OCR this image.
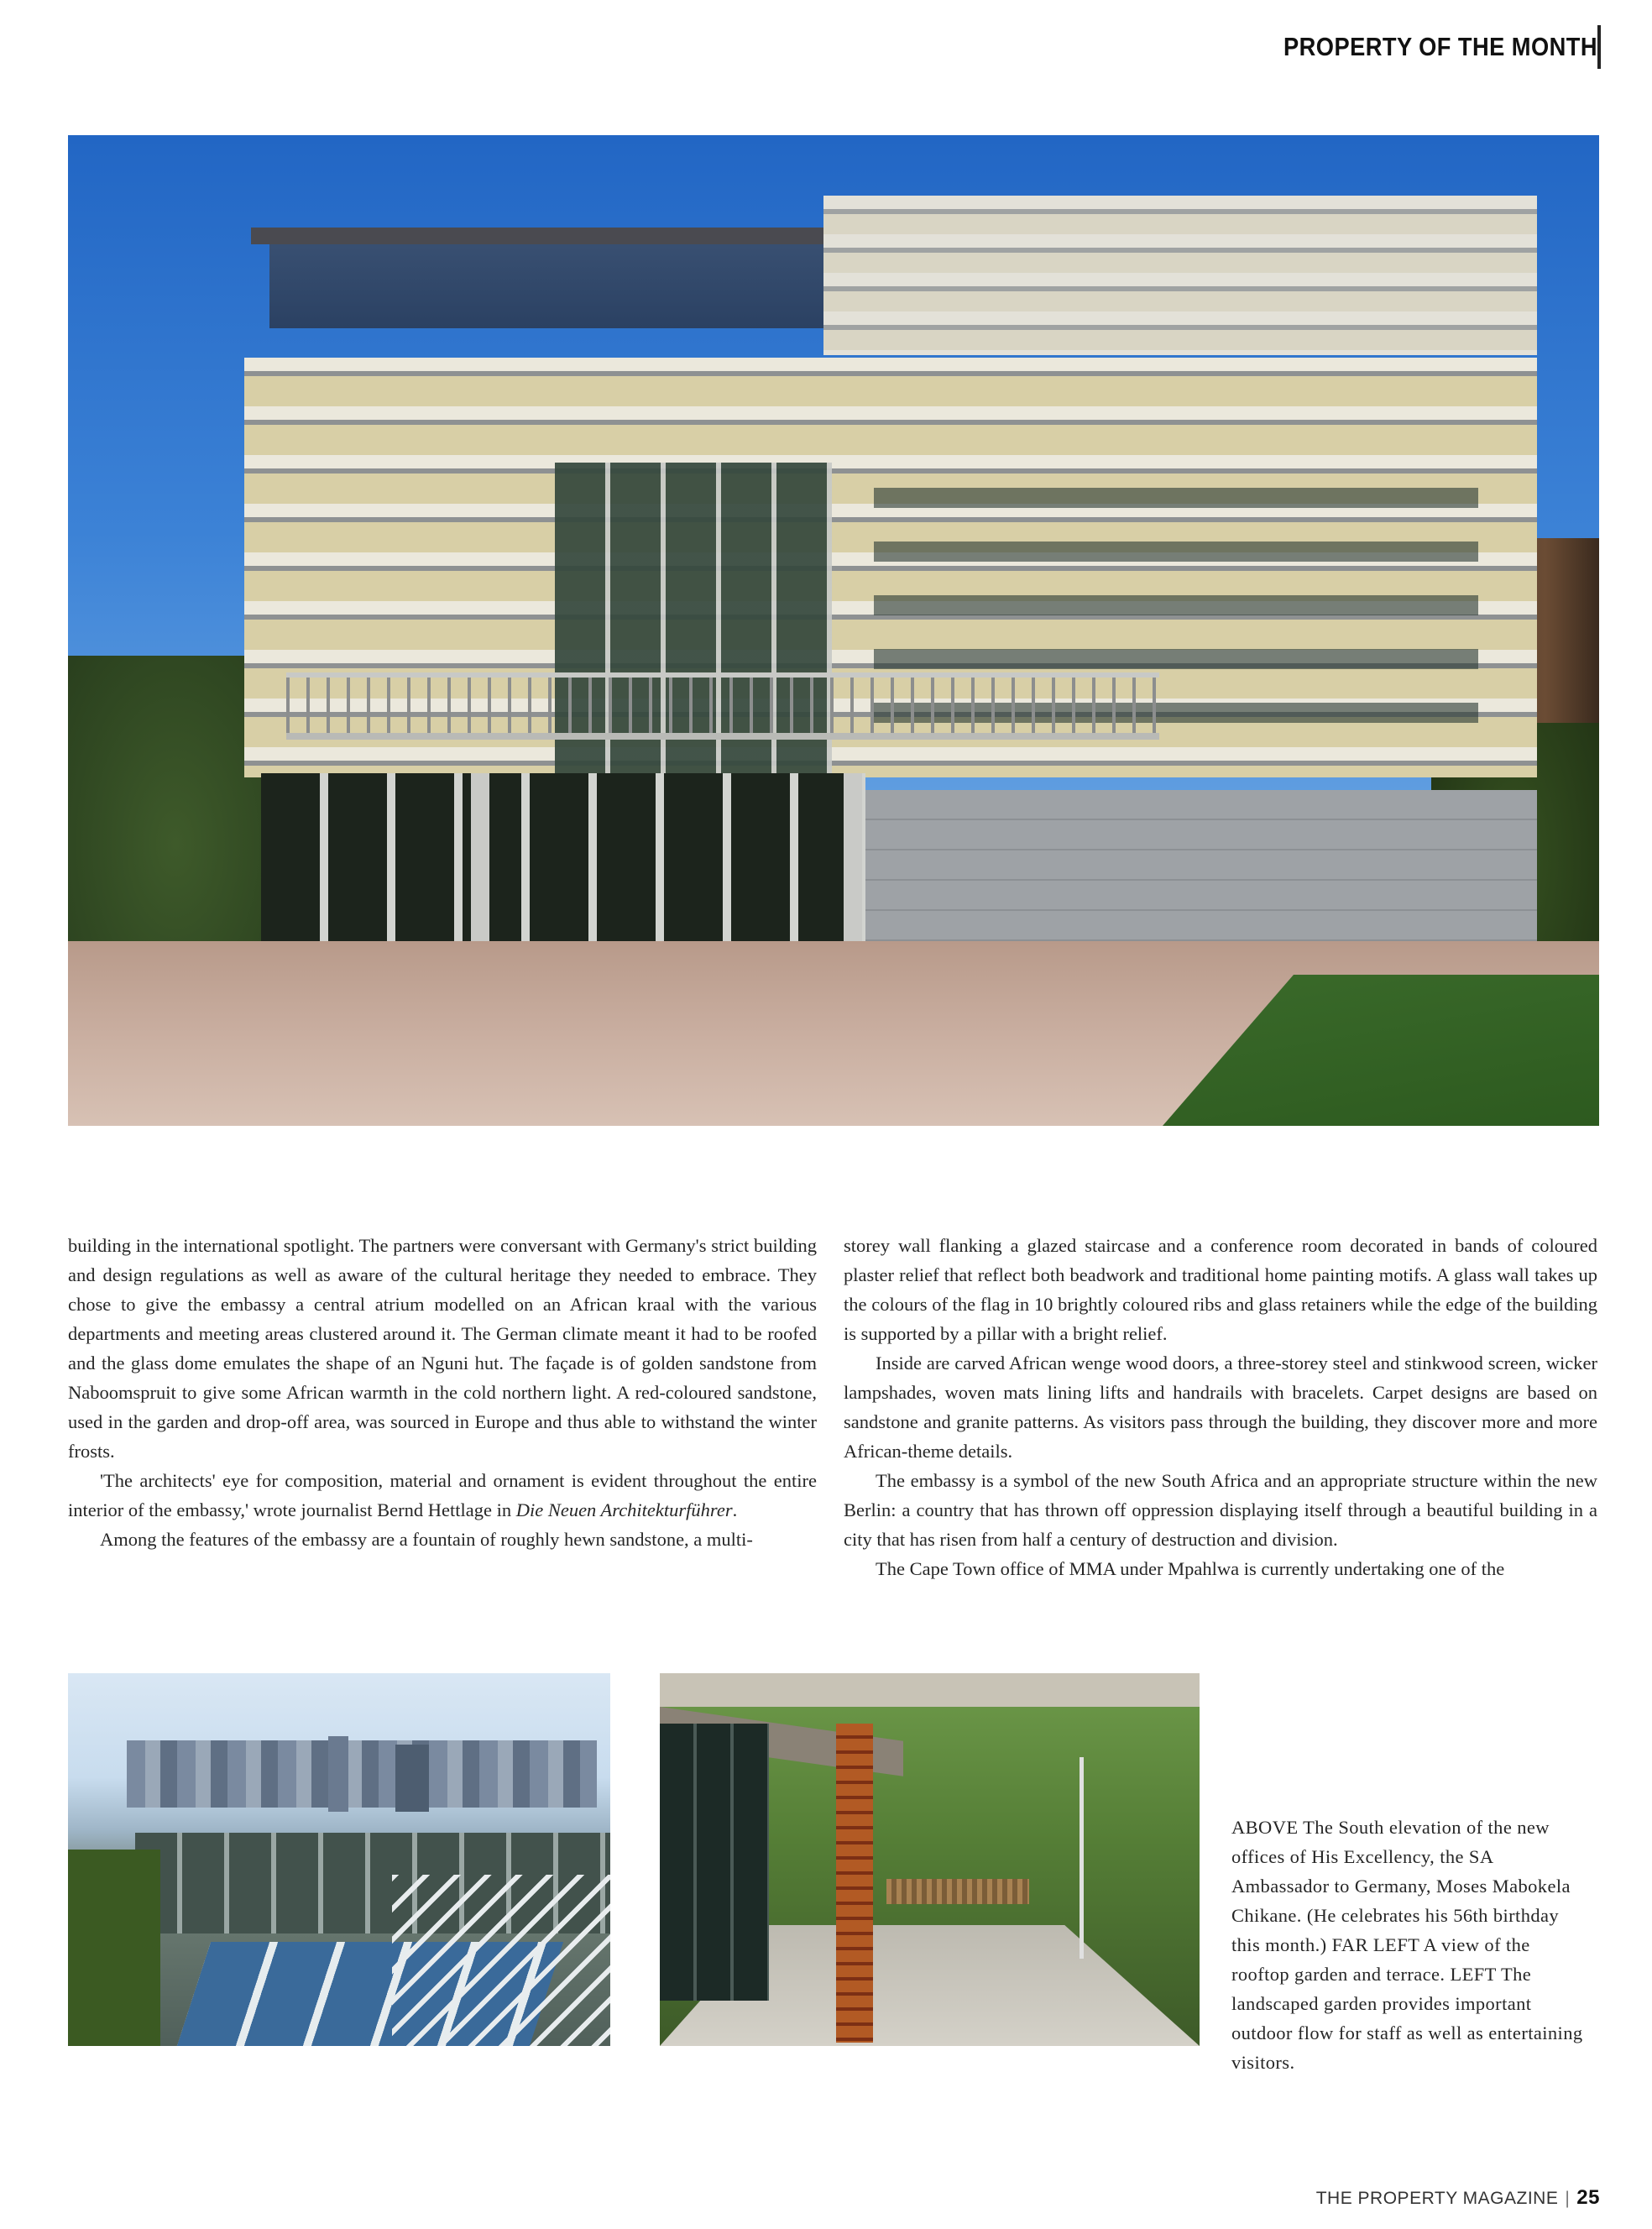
PROPERTY OF THE MONTH

building in the international spotlight. The partners were conversant with Germany's strict building and design regulations as well as aware of the cultural heritage they needed to embrace. They chose to give the embassy a central atrium modelled on an African kraal with the various departments and meeting areas clustered around it. The German climate meant it had to be roofed and the glass dome emulates the shape of an Nguni hut. The façade is of golden sandstone from Naboomspruit to give some African warmth in the cold northern light. A red-coloured sandstone, used in the garden and drop-off area, was sourced in Europe and thus able to withstand the winter frosts.

'The architects' eye for composition, material and ornament is evident throughout the entire interior of the embassy,' wrote journalist Bernd Hettlage in Die Neuen Architekturführer.

Among the features of the embassy are a fountain of roughly hewn sandstone, a multi-

storey wall flanking a glazed staircase and a conference room decorated in bands of coloured plaster relief that reflect both beadwork and traditional home painting motifs. A glass wall takes up the colours of the flag in 10 brightly coloured ribs and glass retainers while the edge of the building is supported by a pillar with a bright relief.

Inside are carved African wenge wood doors, a three-storey steel and stinkwood screen, wicker lampshades, woven mats lining lifts and handrails with bracelets. Carpet designs are based on sandstone and granite patterns. As visitors pass through the building, they discover more and more African-theme details.

The embassy is a symbol of the new South Africa and an appropriate structure within the new Berlin: a country that has thrown off oppression displaying itself through a beautiful building in a city that has risen from half a century of destruction and division.

The Cape Town office of MMA under Mpahlwa is currently undertaking one of the

ABOVE The South elevation of the new offices of His Excellency, the SA Ambassador to Germany, Moses Mabokela Chikane. (He celebrates his 56th birthday this month.) FAR LEFT A view of the rooftop garden and terrace. LEFT The landscaped garden provides important outdoor flow for staff as well as entertaining visitors.
THE PROPERTY MAGAZINE | 25
